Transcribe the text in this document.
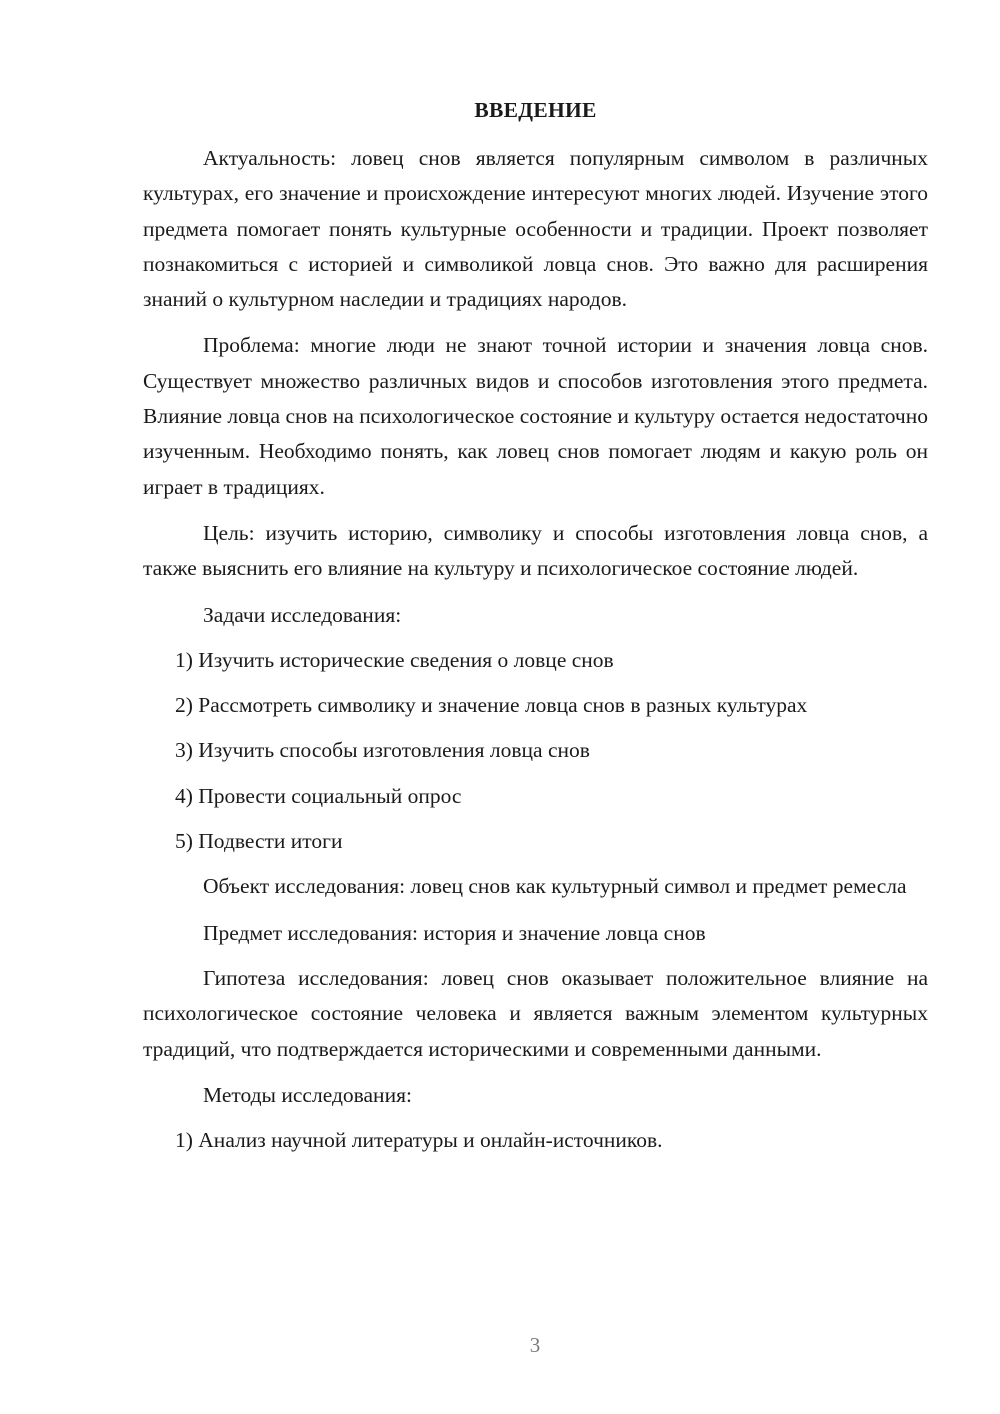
ВВЕДЕНИЕ

Актуальность: ловец снов является популярным символом в различных культурах, его значение и происхождение интересуют многих людей. Изучение этого предмета помогает понять культурные особенности и традиции. Проект позволяет познакомиться с историей и символикой ловца снов. Это важно для расширения знаний о культурном наследии и традициях народов.

Проблема: многие люди не знают точной истории и значения ловца снов. Существует множество различных видов и способов изготовления этого предмета. Влияние ловца снов на психологическое состояние и культуру остается недостаточно изученным. Необходимо понять, как ловец снов помогает людям и какую роль он играет в традициях.

Цель: изучить историю, символику и способы изготовления ловца снов, а также выяснить его влияние на культуру и психологическое состояние людей.

Задачи исследования:

1) Изучить исторические сведения о ловце снов
2) Рассмотреть символику и значение ловца снов в разных культурах
3) Изучить способы изготовления ловца снов
4) Провести социальный опрос
5) Подвести итоги

Объект исследования: ловец снов как культурный символ и предмет ремесла

Предмет исследования: история и значение ловца снов

Гипотеза исследования: ловец снов оказывает положительное влияние на психологическое состояние человека и является важным элементом культурных традиций, что подтверждается историческими и современными данными.

Методы исследования:

1) Анализ научной литературы и онлайн-источников.
3
